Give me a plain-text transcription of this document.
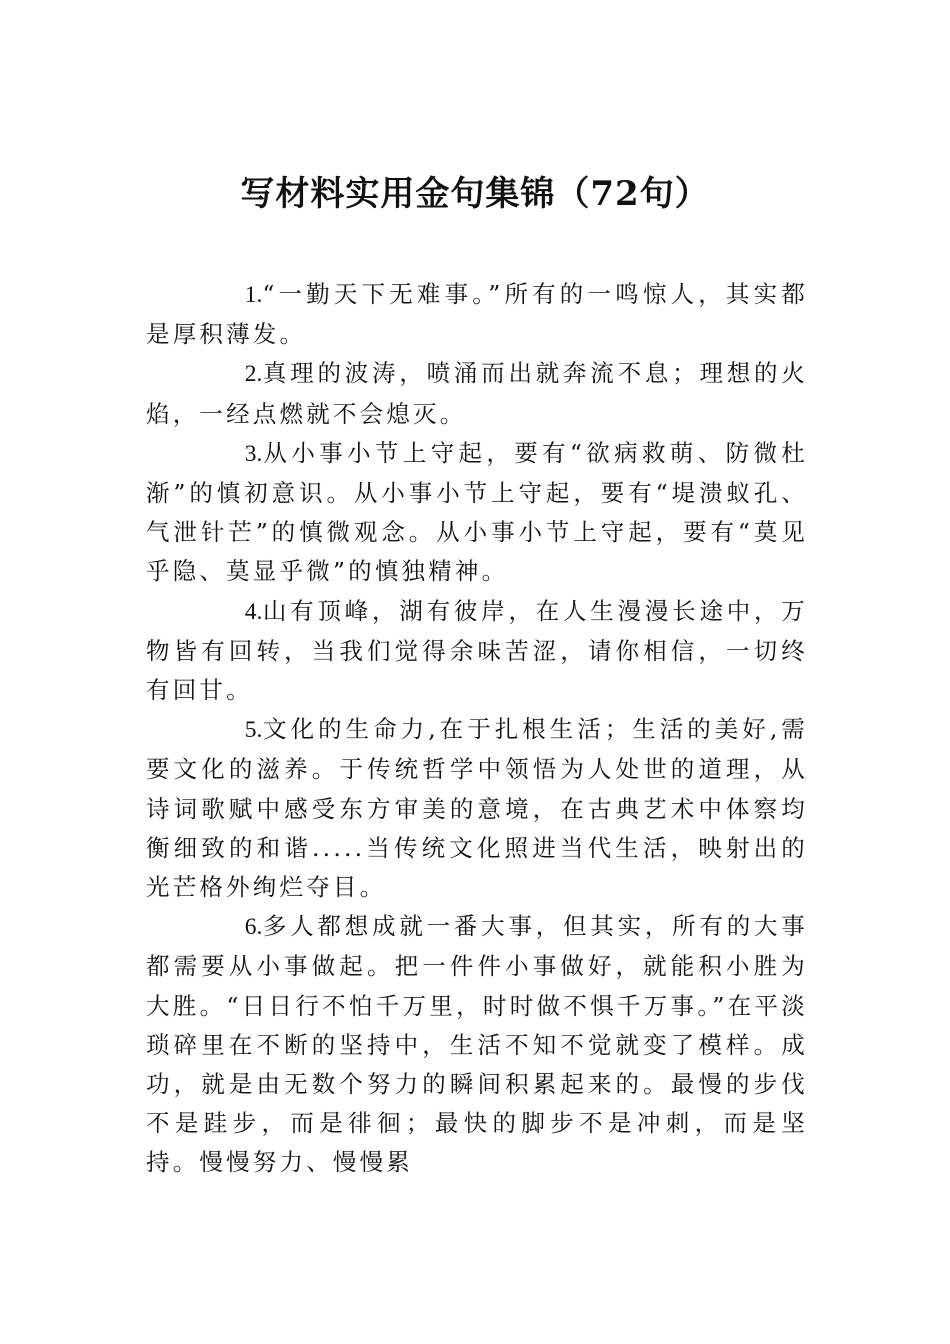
写材料实用金句集锦（72句）

1.“一勤天下无难事。”所有的一鸣惊人，其实都是厚积薄发。

2.真理的波涛，喷涌而出就奔流不息；理想的火焰，一经点燃就不会熄灭。

3.从小事小节上守起，要有“欲病救萌、防微杜渐”的慎初意识。从小事小节上守起，要有“堤溃蚁孔、气泄针芒”的慎微观念。从小事小节上守起，要有“莫见乎隐、莫显乎微”的慎独精神。

4.山有顶峰，湖有彼岸，在人生漫漫长途中，万物皆有回转，当我们觉得余味苦涩，请你相信，一切终有回甘。

5.文化的生命力,在于扎根生活；生活的美好,需要文化的滋养。于传统哲学中领悟为人处世的道理，从诗词歌赋中感受东方审美的意境，在古典艺术中体察均衡细致的和谐.....当传统文化照进当代生活，映射出的光芒格外绚烂夺目。

6.多人都想成就一番大事，但其实，所有的大事都需要从小事做起。把一件件小事做好，就能积小胜为大胜。“日日行不怕千万里，时时做不惧千万事。”在平淡琐碎里在不断的坚持中，生活不知不觉就变了模样。成功，就是由无数个努力的瞬间积累起来的。最慢的步伐不是跬步，而是徘徊；最快的脚步不是冲刺，而是坚持。慢慢努力、慢慢累
